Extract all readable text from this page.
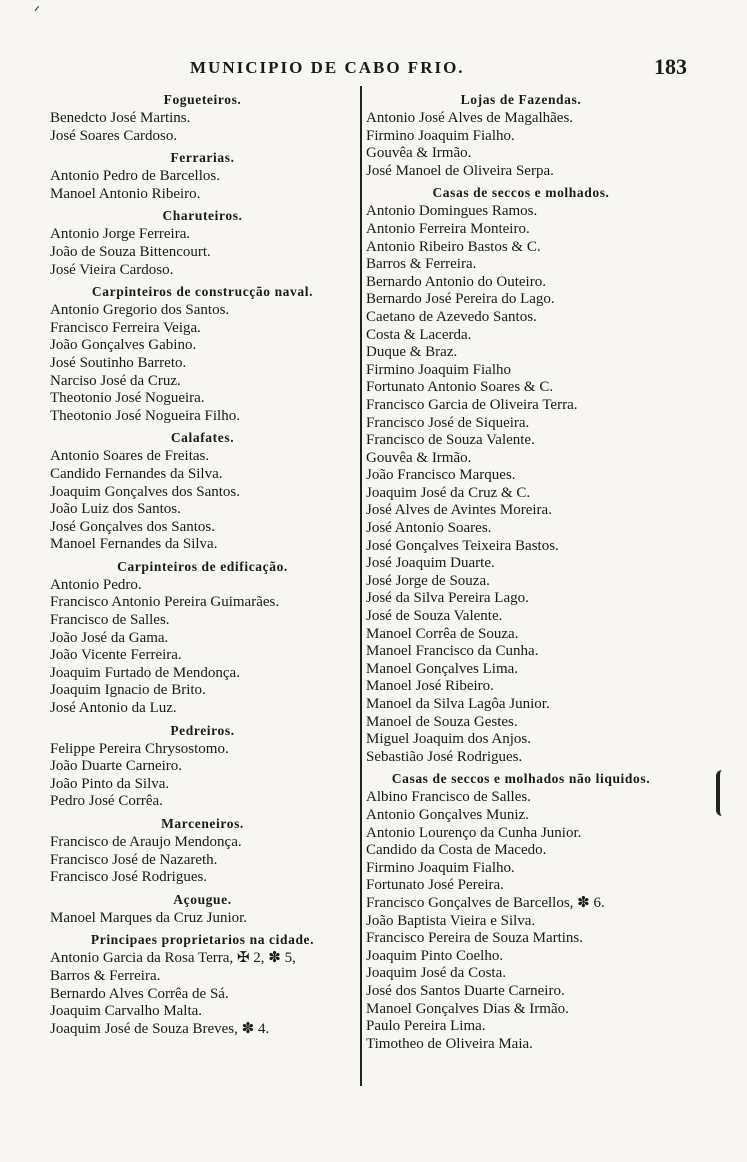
ᐟ
MUNICIPIO DE CABO FRIO.	183
Fogueteiros.
Benedcto José Martins.
José Soares Cardoso.
Ferrarias.
Antonio Pedro de Barcellos.
Manoel Antonio Ribeiro.
Charuteiros.
Antonio Jorge Ferreira.
João de Souza Bittencourt.
José Vieira Cardoso.
Carpinteiros de construcção naval.
Antonio Gregorio dos Santos.
Francisco Ferreira Veiga.
João Gonçalves Gabino.
José Soutinho Barreto.
Narciso José da Cruz.
Theotonio José Nogueira.
Theotonio José Nogueira Filho.
Calafates.
Antonio Soares de Freitas.
Candido Fernandes da Silva.
Joaquim Gonçalves dos Santos.
João Luiz dos Santos.
José Gonçalves dos Santos.
Manoel Fernandes da Silva.
Carpinteiros de edificação.
Antonio Pedro.
Francisco Antonio Pereira Guimarães.
Francisco de Salles.
João José da Gama.
João Vicente Ferreira.
Joaquim Furtado de Mendonça.
Joaquim Ignacio de Brito.
José Antonio da Luz.
Pedreiros.
Felippe Pereira Chrysostomo.
João Duarte Carneiro.
João Pinto da Silva.
Pedro José Corrêa.
Marceneiros.
Francisco de Araujo Mendonça.
Francisco José de Nazareth.
Francisco José Rodrigues.
Açougue.
Manoel Marques da Cruz Junior.
Principaes proprietarios na cidade.
Antonio Garcia da Rosa Terra, ✠ 2, ✽ 5,
Barros & Ferreira.
Bernardo Alves Corrêa de Sá.
Joaquim Carvalho Malta.
Joaquim José de Souza Breves, ✽ 4.
Lojas de Fazendas.
Antonio José Alves de Magalhães.
Firmino Joaquim Fialho.
Gouvêa & Irmão.
José Manoel de Oliveira Serpa.
Casas de seccos e molhados.
Antonio Domingues Ramos.
Antonio Ferreira Monteiro.
Antonio Ribeiro Bastos & C.
Barros & Ferreira.
Bernardo Antonio do Outeiro.
Bernardo José Pereira do Lago.
Caetano de Azevedo Santos.
Costa & Lacerda.
Duque & Braz.
Firmino Joaquim Fialho
Fortunato Antonio Soares & C.
Francisco Garcia de Oliveira Terra.
Francisco José de Siqueira.
Francisco de Souza Valente.
Gouvêa & Irmão.
João Francisco Marques.
Joaquim José da Cruz & C.
José Alves de Avintes Moreira.
José Antonio Soares.
José Gonçalves Teixeira Bastos.
José Joaquim Duarte.
José Jorge de Souza.
José da Silva Pereira Lago.
José de Souza Valente.
Manoel Corrêa de Souza.
Manoel Francisco da Cunha.
Manoel Gonçalves Lima.
Manoel José Ribeiro.
Manoel da Silva Lagôa Junior.
Manoel de Souza Gestes.
Miguel Joaquim dos Anjos.
Sebastião José Rodrigues.
Casas de seccos e molhados não liquidos.
Albino Francisco de Salles.
Antonio Gonçalves Muniz.
Antonio Lourenço da Cunha Junior.
Candido da Costa de Macedo.
Firmino Joaquim Fialho.
Fortunato José Pereira.
Francisco Gonçalves de Barcellos, ✽ 6.
João Baptista Vieira e Silva.
Francisco Pereira de Souza Martins.
Joaquim Pinto Coelho.
Joaquim José da Costa.
José dos Santos Duarte Carneiro.
Manoel Gonçalves Dias & Irmão.
Paulo Pereira Lima.
Timotheo de Oliveira Maia.
